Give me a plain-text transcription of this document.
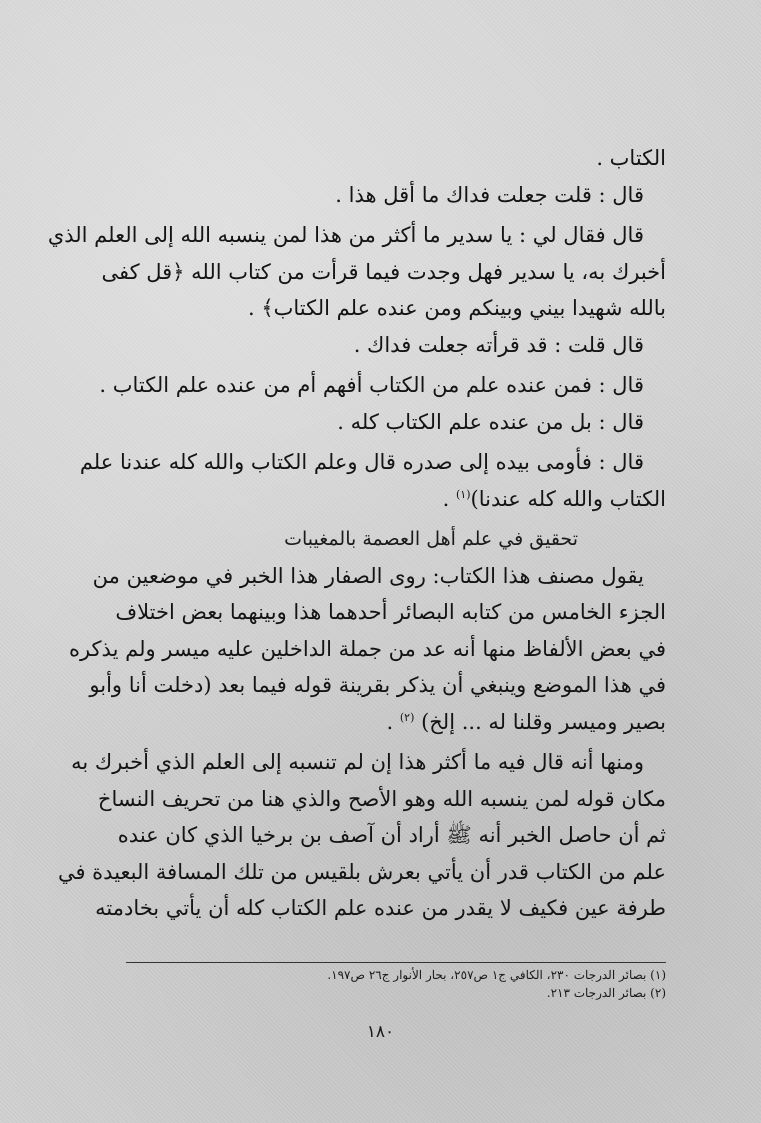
الكتاب .
قال : قلت جعلت فداك ما أقل هذا .
قال فقال لي : يا سدير ما أكثر من هذا لمن ينسبه الله إلى العلم الذي
أخبرك به، يا سدير فهل وجدت فيما قرأت من كتاب الله ﴿قل كفى
بالله شهيدا بيني وبينكم ومن عنده علم الكتاب﴾ .
قال قلت : قد قرأته جعلت فداك .
قال : فمن عنده علم من الكتاب أفهم أم من عنده علم الكتاب .
قال : بل من عنده علم الكتاب كله .
قال : فأومى بيده إلى صدره قال وعلم الكتاب والله كله عندنا علم
الكتاب والله كله عندنا)$^{(١)}$ .
تحقيق في علم أهل العصمة بالمغيبات
يقول مصنف هذا الكتاب: روى الصفار هذا الخبر في موضعين من
الجزء الخامس من كتابه البصائر أحدهما هذا وبينهما بعض اختلاف
في بعض الألفاظ منها أنه عد من جملة الداخلين عليه ميسر ولم يذكره
في هذا الموضع وينبغي أن يذكر بقرينة قوله فيما بعد (دخلت أنا وأبو
بصير وميسر وقلنا له ... إلخ) $^{(٢)}$ .
ومنها أنه قال فيه ما أكثر هذا إن لم تنسبه إلى العلم الذي أخبرك به
مكان قوله لمن ينسبه الله وهو الأصح والذي هنا من تحريف النساخ
ثم أن حاصل الخبر أنه ﷺ أراد أن آصف بن برخيا الذي كان عنده
علم من الكتاب قدر أن يأتي بعرش بلقيس من تلك المسافة البعيدة في
طرفة عين فكيف لا يقدر من عنده علم الكتاب كله أن يأتي بخادمته
(١) بصائر الدرجات ٢٣٠، الكافي ج١ ص٢٥٧، بحار الأنوار ج٢٦ ص١٩٧.
(٢) بصائر الدرجات ٢١٣.
١٨٠
